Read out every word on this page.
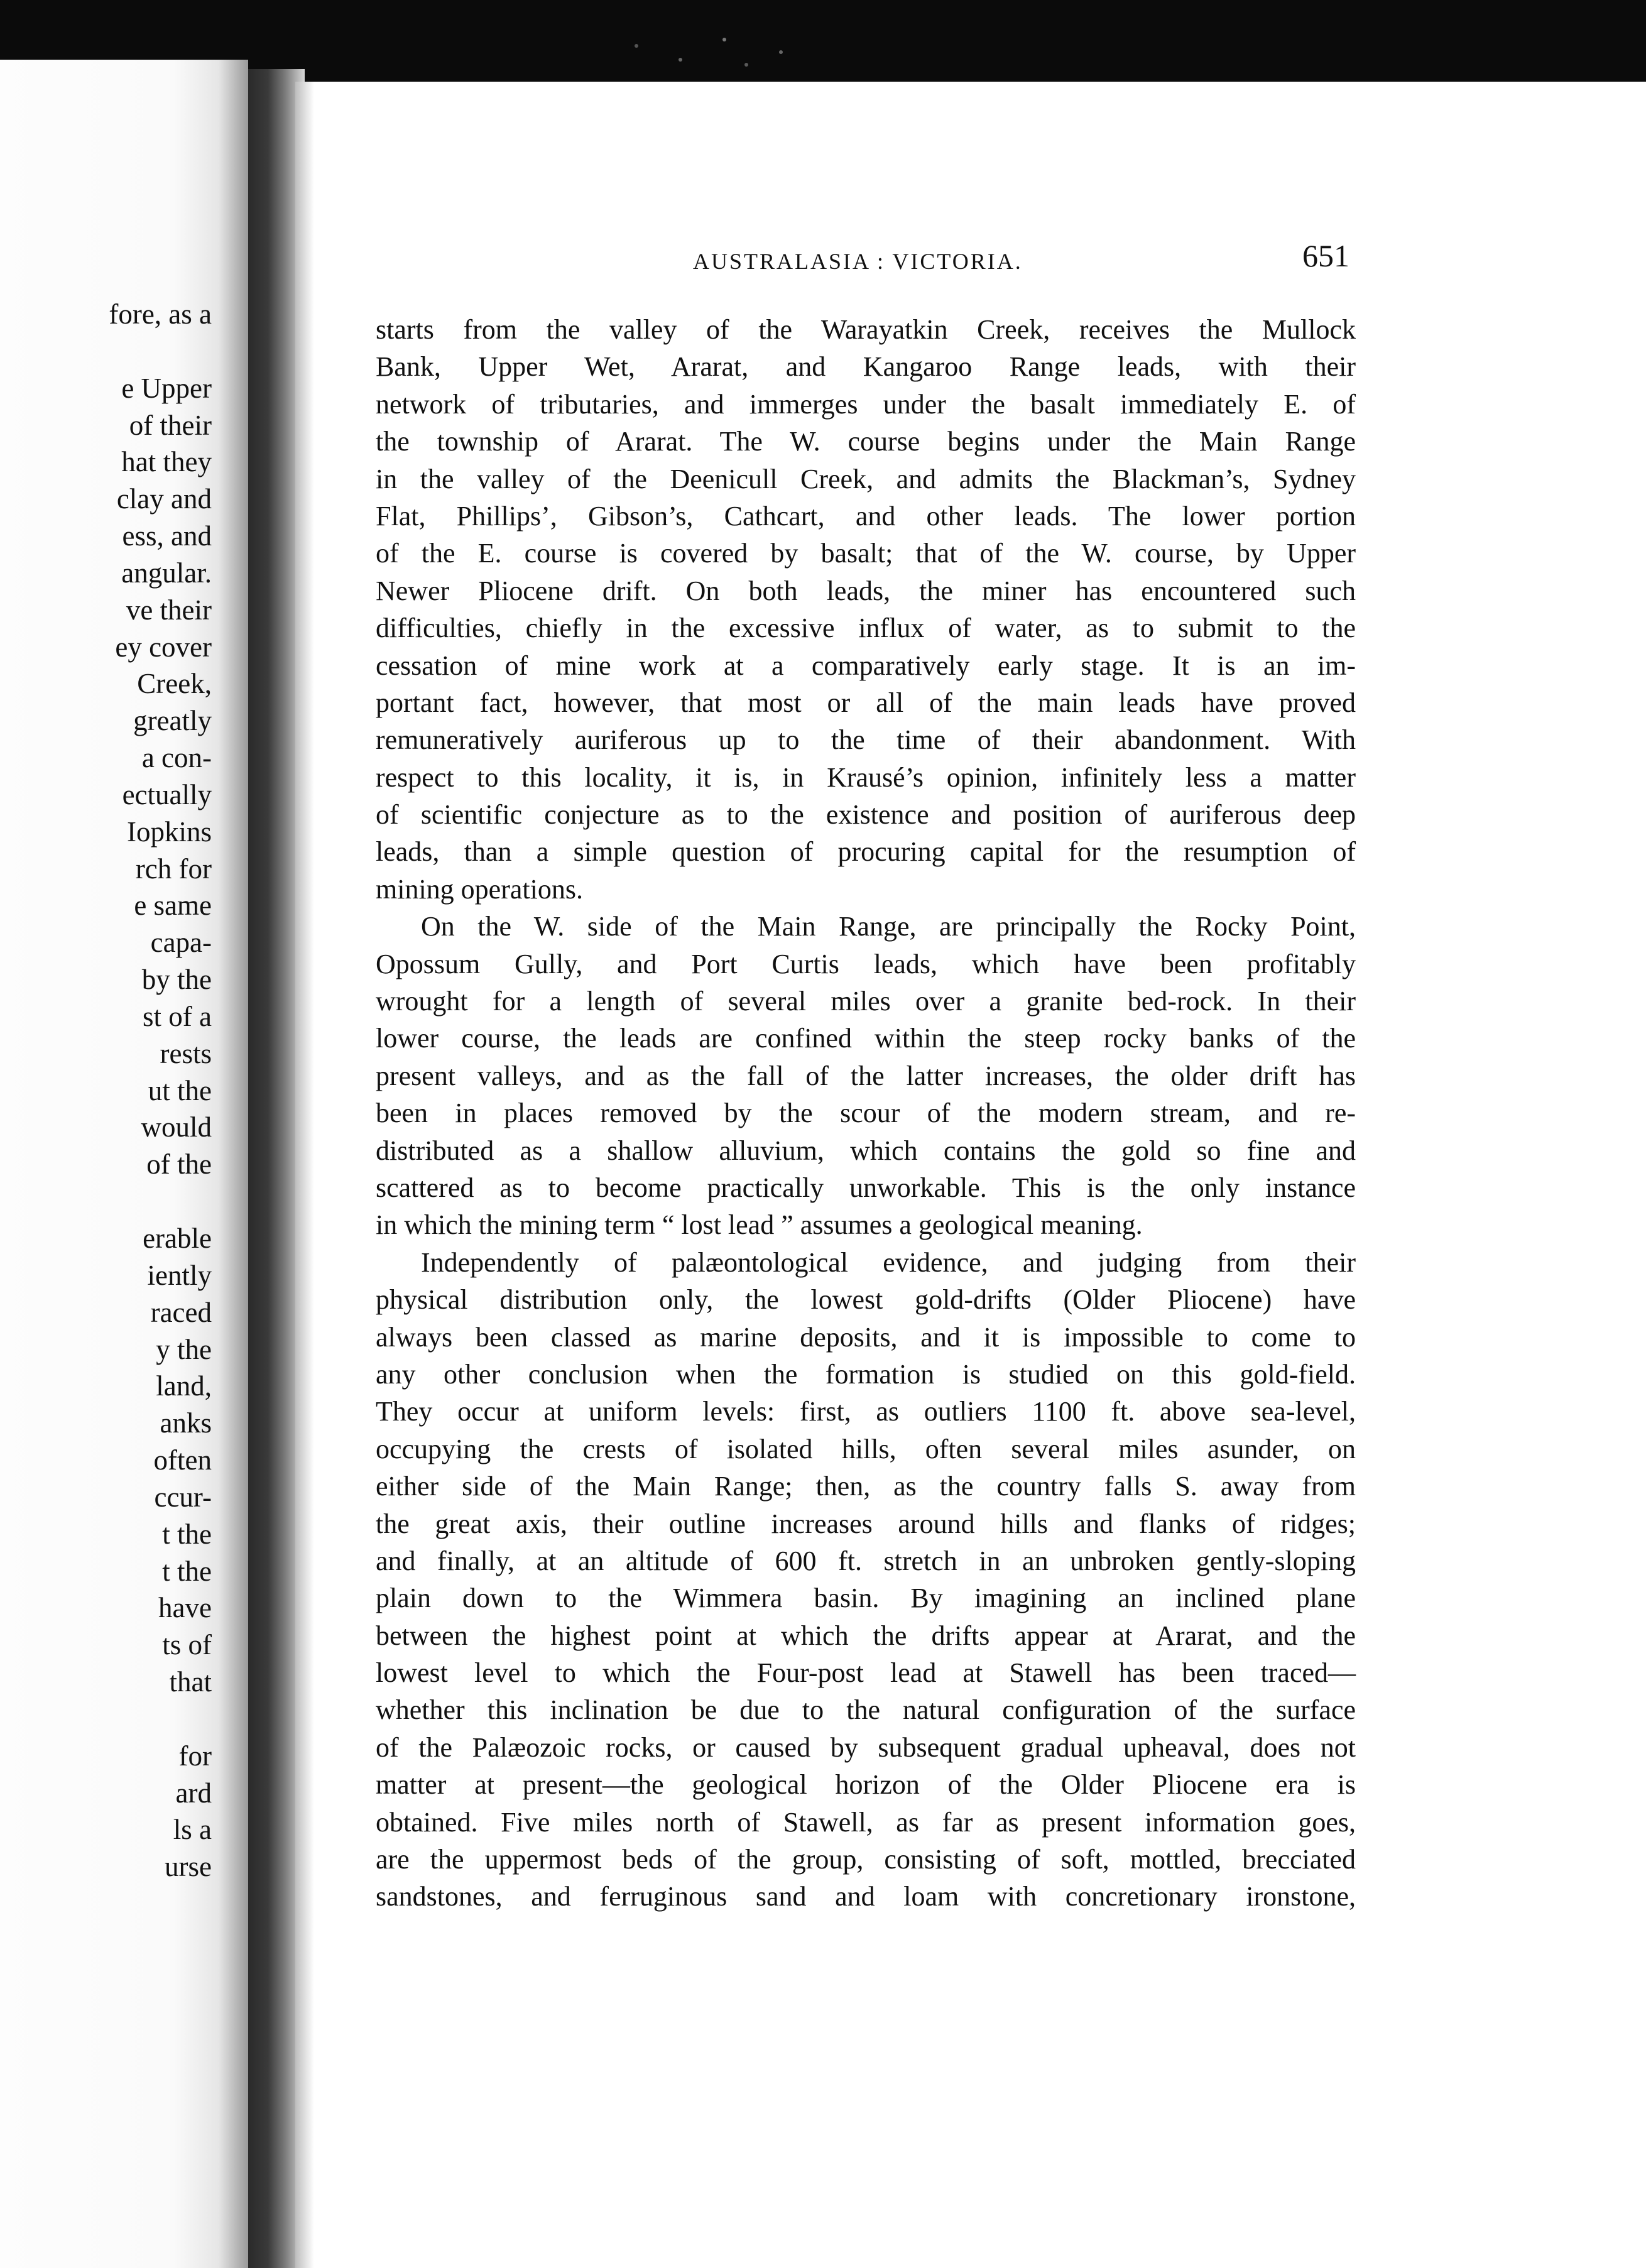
fore, as a
e Upper
of their
hat they
clay and
ess, and
angular.
ve their
ey cover
Creek,
greatly
a con-
ectually
Iopkins
rch for
e same
capa-
by the
st of a
rests
ut the
would
of the
erable
iently
raced
y the
land,
anks
often
ccur-
t the
t the
have
ts of
that
for
ard
ls a
urse
AUSTRALASIA : VICTORIA.	651
starts from the valley of the Warayatkin Creek, receives the Mullock
Bank, Upper Wet, Ararat, and Kangaroo Range leads, with their
network of tributaries, and immerges under the basalt immediately E. of
the township of Ararat. The W. course begins under the Main Range
in the valley of the Deenicull Creek, and admits the Blackman’s, Sydney
Flat, Phillips’, Gibson’s, Cathcart, and other leads. The lower portion
of the E. course is covered by basalt; that of the W. course, by Upper
Newer Pliocene drift. On both leads, the miner has encountered such
difficulties, chiefly in the excessive influx of water, as to submit to the
cessation of mine work at a comparatively early stage. It is an im-
portant fact, however, that most or all of the main leads have proved
remuneratively auriferous up to the time of their abandonment. With
respect to this locality, it is, in Krausé’s opinion, infinitely less a matter
of scientific conjecture as to the existence and position of auriferous deep
leads, than a simple question of procuring capital for the resumption of
mining operations.
On the W. side of the Main Range, are principally the Rocky Point,
Opossum Gully, and Port Curtis leads, which have been profitably
wrought for a length of several miles over a granite bed-rock. In their
lower course, the leads are confined within the steep rocky banks of the
present valleys, and as the fall of the latter increases, the older drift has
been in places removed by the scour of the modern stream, and re-
distributed as a shallow alluvium, which contains the gold so fine and
scattered as to become practically unworkable. This is the only instance
in which the mining term “ lost lead ” assumes a geological meaning.
Independently of palæontological evidence, and judging from their
physical distribution only, the lowest gold-drifts (Older Pliocene) have
always been classed as marine deposits, and it is impossible to come to
any other conclusion when the formation is studied on this gold-field.
They occur at uniform levels: first, as outliers 1100 ft. above sea-level,
occupying the crests of isolated hills, often several miles asunder, on
either side of the Main Range; then, as the country falls S. away from
the great axis, their outline increases around hills and flanks of ridges;
and finally, at an altitude of 600 ft. stretch in an unbroken gently-sloping
plain down to the Wimmera basin. By imagining an inclined plane
between the highest point at which the drifts appear at Ararat, and the
lowest level to which the Four-post lead at Stawell has been traced—
whether this inclination be due to the natural configuration of the surface
of the Palæozoic rocks, or caused by subsequent gradual upheaval, does not
matter at present—the geological horizon of the Older Pliocene era is
obtained. Five miles north of Stawell, as far as present information goes,
are the uppermost beds of the group, consisting of soft, mottled, brecciated
sandstones, and ferruginous sand and loam with concretionary ironstone,
